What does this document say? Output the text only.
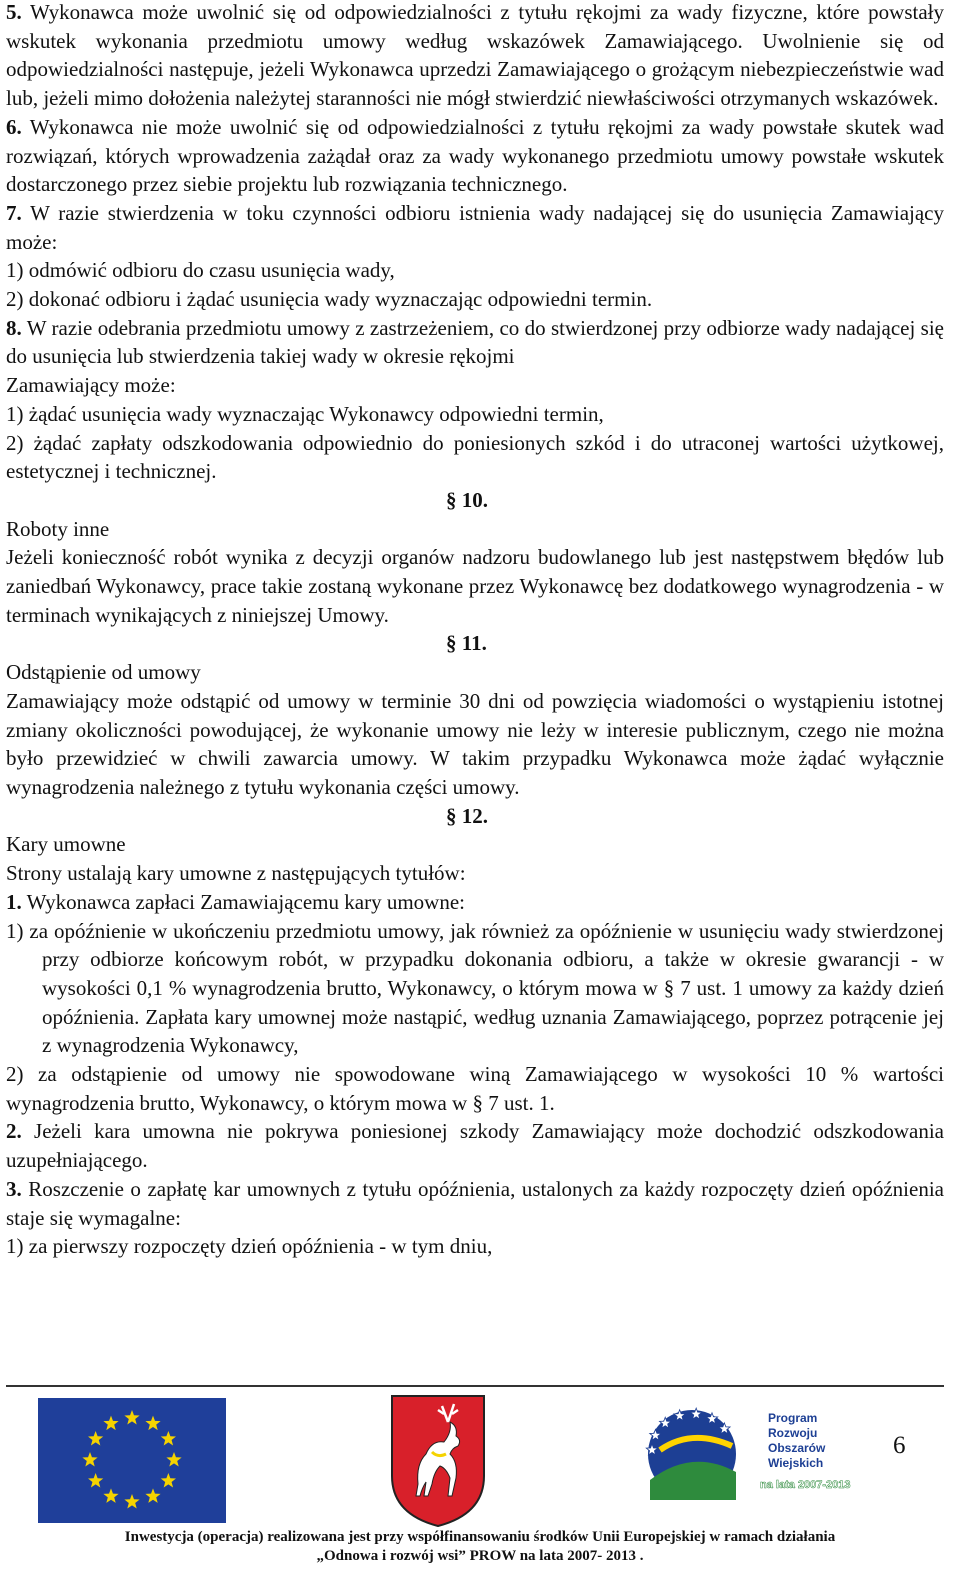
5. Wykonawca może uwolnić się od odpowiedzialności z tytułu rękojmi za wady fizyczne, które powstały wskutek wykonania przedmiotu umowy według wskazówek Zamawiającego. Uwolnienie się od odpowiedzialności następuje, jeżeli Wykonawca uprzedzi Zamawiającego o grożącym niebezpieczeństwie wad lub, jeżeli mimo dołożenia należytej staranności nie mógł stwierdzić niewłaściwości otrzymanych wskazówek.

6. Wykonawca nie może uwolnić się od odpowiedzialności z tytułu rękojmi za wady powstałe skutek wad rozwiązań, których wprowadzenia zażądał oraz za wady wykonanego przedmiotu umowy powstałe wskutek dostarczonego przez siebie projektu lub rozwiązania technicznego.

7. W razie stwierdzenia w toku czynności odbioru istnienia wady nadającej się do usunięcia Zamawiający może:

1) odmówić odbioru do czasu usunięcia wady,

2) dokonać odbioru i żądać usunięcia wady wyznaczając odpowiedni termin.

8. W razie odebrania przedmiotu umowy z zastrzeżeniem, co do stwierdzonej przy odbiorze wady nadającej się do usunięcia lub stwierdzenia takiej wady w okresie rękojmi

Zamawiający może:

1) żądać usunięcia wady wyznaczając Wykonawcy odpowiedni termin,

2) żądać zapłaty odszkodowania odpowiednio do poniesionych szkód i do utraconej wartości użytkowej, estetycznej i technicznej.

§ 10.

Roboty inne

Jeżeli konieczność robót wynika z decyzji organów nadzoru budowlanego lub jest następstwem błędów lub zaniedbań Wykonawcy, prace takie zostaną wykonane przez Wykonawcę bez dodatkowego wynagrodzenia - w terminach wynikających z niniejszej Umowy.

§ 11.

Odstąpienie od umowy

Zamawiający może odstąpić od umowy w terminie 30 dni od powzięcia wiadomości o wystąpieniu istotnej zmiany okoliczności powodującej, że wykonanie umowy nie leży w interesie publicznym, czego nie można było przewidzieć w chwili zawarcia umowy. W takim przypadku Wykonawca może żądać wyłącznie wynagrodzenia należnego z tytułu wykonania części umowy.

§ 12.

Kary umowne

Strony ustalają kary umowne z następujących tytułów:

1. Wykonawca zapłaci Zamawiającemu kary umowne:

1) za opóźnienie w ukończeniu przedmiotu umowy, jak również za opóźnienie w usunięciu wady stwierdzonej przy odbiorze końcowym robót, w przypadku dokonania odbioru, a także w okresie gwarancji - w wysokości 0,1 % wynagrodzenia brutto, Wykonawcy, o którym mowa w § 7 ust. 1 umowy za każdy dzień opóźnienia. Zapłata kary umownej może nastąpić, według uznania Zamawiającego, poprzez potrącenie jej z wynagrodzenia Wykonawcy,

2) za odstąpienie od umowy nie spowodowane winą Zamawiającego w wysokości 10 % wartości wynagrodzenia brutto, Wykonawcy, o którym mowa w § 7 ust. 1.

2. Jeżeli kara umowna nie pokrywa poniesionej szkody Zamawiający może dochodzić odszkodowania uzupełniającego.

3. Roszczenie o zapłatę kar umownych z tytułu opóźnienia, ustalonych za każdy rozpoczęty dzień opóźnienia staje się wymagalne:

1) za pierwszy rozpoczęty dzień opóźnienia - w tym dniu,

Program
Rozwoju
Obszarów
Wiejskich
na lata 2007-2013
6
Inwestycja (operacja) realizowana jest przy współfinansowaniu środków Unii Europejskiej w ramach działania
„Odnowa i rozwój wsi” PROW na lata 2007- 2013 .
